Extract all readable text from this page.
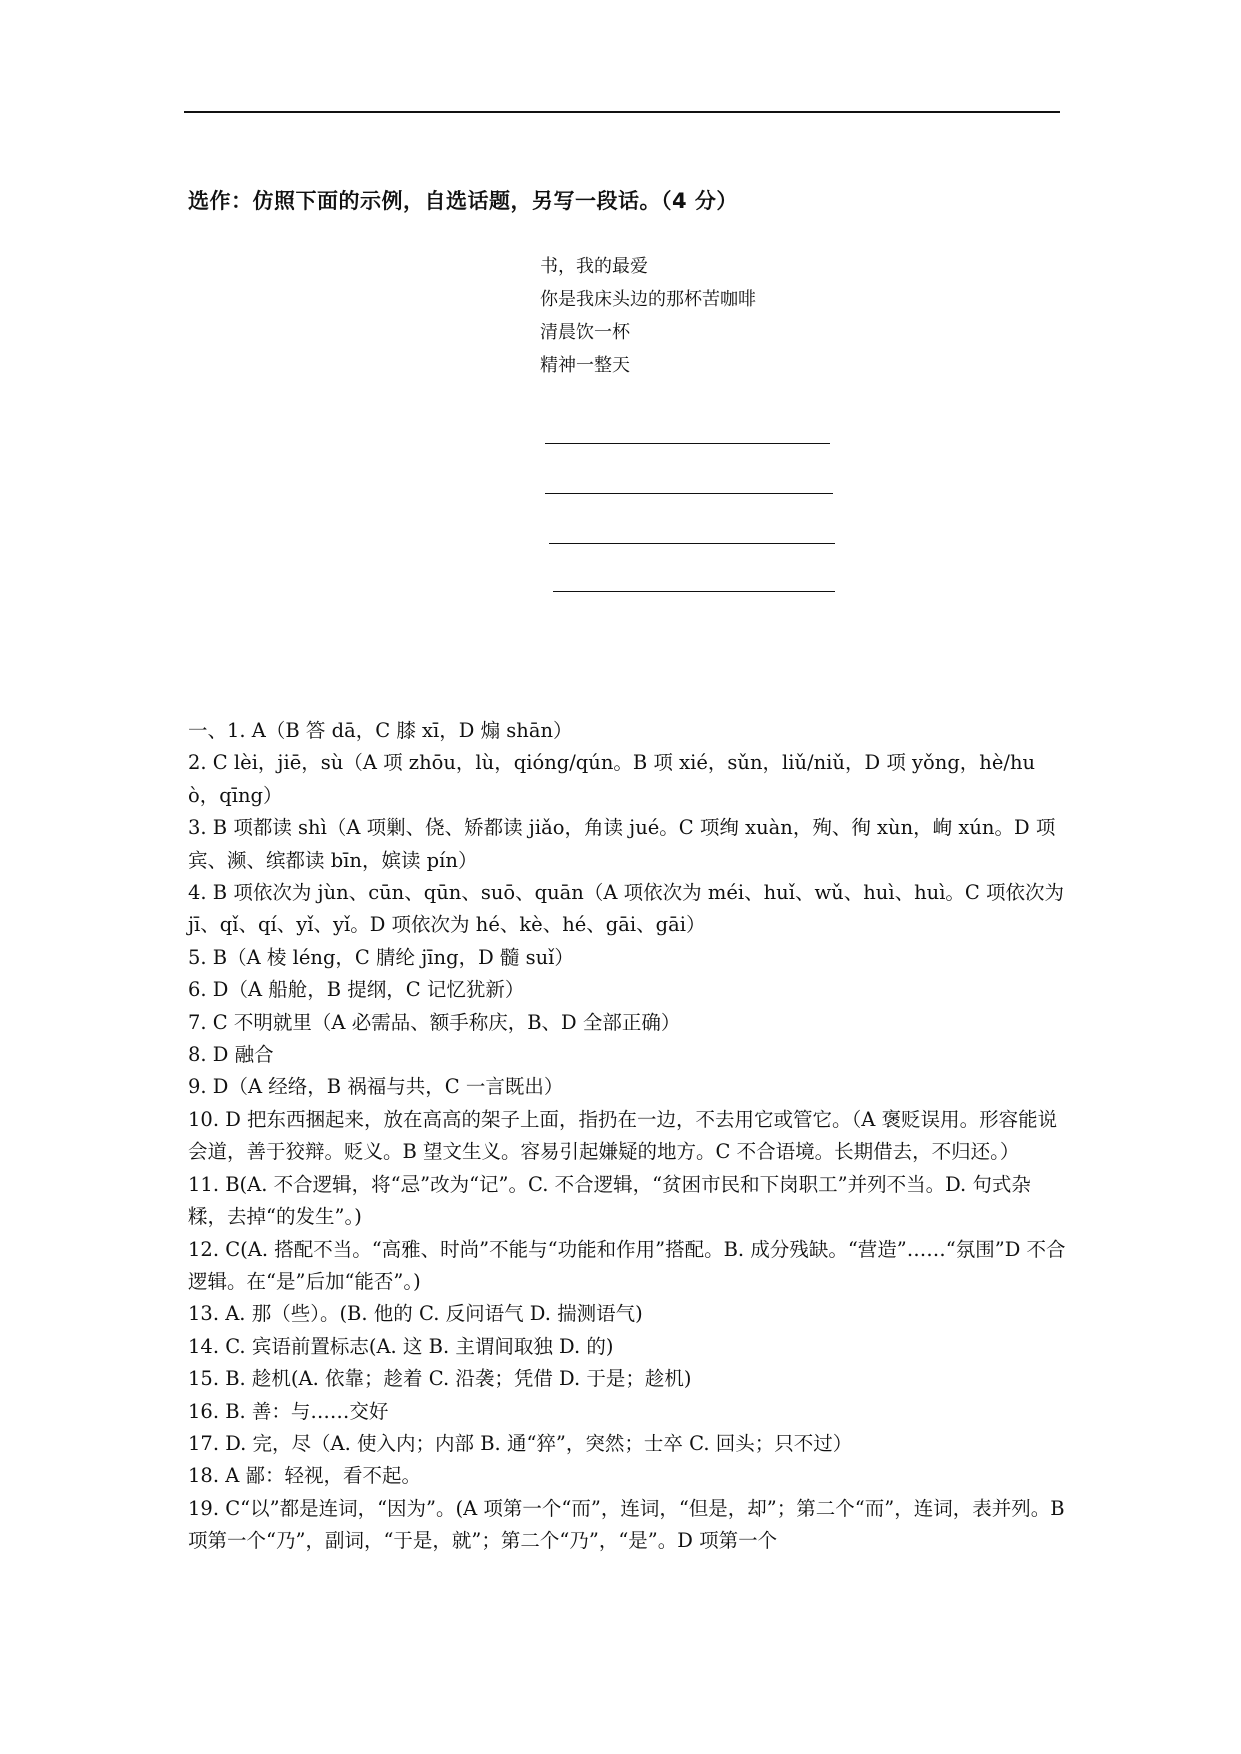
选作：仿照下面的示例，自选话题，另写一段话。（4 分）
书，我的最爱
你是我床头边的那杯苦咖啡
清晨饮一杯
精神一整天
一、1. A（B 答 dā，C 膝 xī，D 煽 shān）
2. C lèi，jiē，sù（A 项 zhōu，lù，qióng/qún。B 项 xié，sǔn，liǔ/niǔ，D 项 yǒng，hè/huò，qīng）
3. B 项都读 shì（A 项剿、侥、矫都读 jiǎo，角读 jué。C 项绚 xuàn，殉、徇 xùn，峋 xún。D 项宾、濒、缤都读 bīn，嫔读 pín）
4. B 项依次为 jùn、cūn、qūn、suō、quān（A 项依次为 méi、huǐ、wǔ、huì、huì。C 项依次为 jī、qǐ、qí、yǐ、yǐ。D 项依次为 hé、kè、hé、gāi、gāi）
5. B（A 棱 léng，C 腈纶 jīng，D 髓 suǐ）
6. D（A 船舱，B 提纲，C 记忆犹新）
7. C 不明就里（A 必需品、额手称庆，B、D 全部正确）
8. D 融合
9. D（A 经络，B 祸福与共，C 一言既出）
10. D 把东西捆起来，放在高高的架子上面，指扔在一边，不去用它或管它。（A 褒贬误用。形容能说会道，善于狡辩。贬义。B 望文生义。容易引起嫌疑的地方。C 不合语境。长期借去，不归还。）
11. B(A. 不合逻辑，将“忌”改为“记”。C. 不合逻辑，“贫困市民和下岗职工”并列不当。D. 句式杂糅，去掉“的发生”。)
12. C(A. 搭配不当。“高雅、时尚”不能与“功能和作用”搭配。B. 成分残缺。“营造”……“氛围”D 不合逻辑。在“是”后加“能否”。)
13. A. 那（些）。(B. 他的 C. 反问语气 D. 揣测语气)
14. C. 宾语前置标志(A. 这 B. 主谓间取独 D. 的)
15. B. 趁机(A. 依靠；趁着 C. 沿袭；凭借 D. 于是；趁机)
16. B. 善：与……交好
17. D. 完，尽（A. 使入内；内部 B. 通“猝”，突然；士卒 C. 回头；只不过）
18. A 鄙：轻视，看不起。
19. C“以”都是连词，“因为”。(A 项第一个“而”，连词，“但是，却”；第二个“而”，连词，表并列。B 项第一个“乃”，副词，“于是，就”；第二个“乃”，“是”。D 项第一个
